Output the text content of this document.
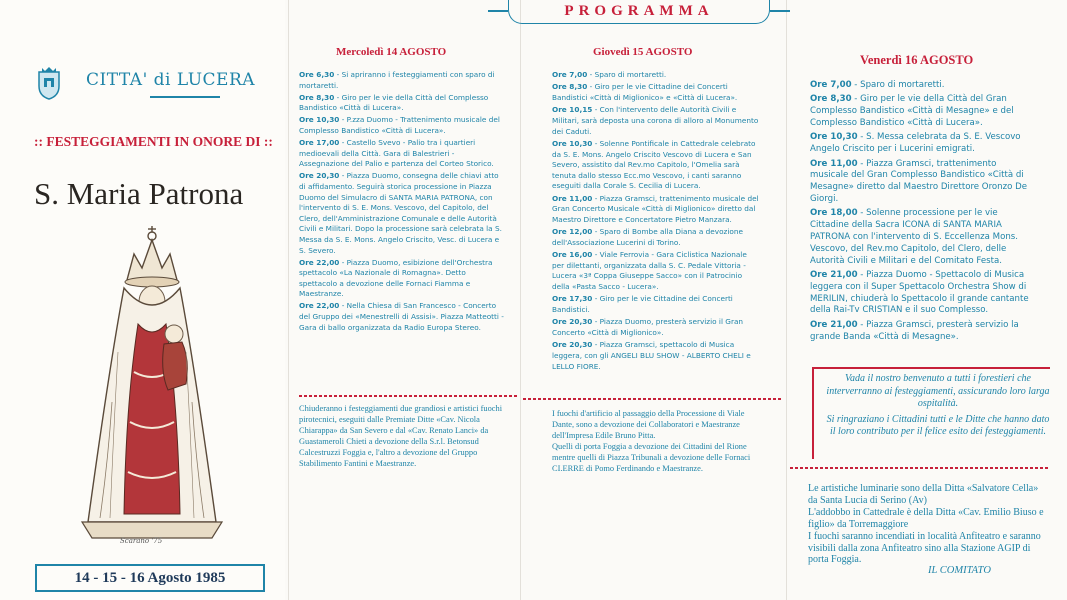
CITTA' di LUCERA
:: FESTEGGIAMENTI IN ONORE DI ::
S. Maria Patrona
Scarano '75
14 - 15 - 16 Agosto 1985
PROGRAMMA
Mercoledì 14 AGOSTO	Giovedì 15 AGOSTO
Venerdì 16 AGOSTO
Ore 6,30 - Si apriranno i festeggiamenti con sparo di mortaretti.
Ore 8,30 - Giro per le vie della Città del Complesso Bandistico «Città di Lucera».
Ore 10,30 - P.zza Duomo - Trattenimento musicale del Complesso Bandistico «Città di Lucera».
Ore 17,00 - Castello Svevo - Palio tra i quartieri medioevali della Città. Gara di Balestrieri - Assegnazione del Palio e partenza del Corteo Storico.
Ore 20,30 - Piazza Duomo, consegna delle chiavi atto di affidamento. Seguirà storica processione in Piazza Duomo del Simulacro di SANTA MARIA PATRONA, con l'intervento di S. E. Mons. Vescovo, del Capitolo, del Clero, dell'Amministrazione Comunale e delle Autorità Civili e Militari. Dopo la processione sarà celebrata la S. Messa da S. E. Mons. Angelo Criscito, Vesc. di Lucera e S. Severo.
Ore 22,00 - Piazza Duomo, esibizione dell'Orchestra spettacolo «La Nazionale di Romagna». Detto spettacolo a devozione delle Fornaci Fiamma e Maestranze.
Ore 22,00 - Nella Chiesa di San Francesco - Concerto del Gruppo dei «Menestrelli di Assisi». Piazza Matteotti - Gara di ballo organizzata da Radio Europa Stereo.
Ore 7,00 - Sparo di mortaretti.
Ore 8,30 - Giro per le vie Cittadine dei Concerti Bandistici «Città di Miglionico» e «Città di Lucera».
Ore 10,15 - Con l'intervento delle Autorità Civili e Militari, sarà deposta una corona di alloro al Monumento dei Caduti.
Ore 10,30 - Solenne Pontificale in Cattedrale celebrato da S. E. Mons. Angelo Criscito Vescovo di Lucera e San Severo, assistito dal Rev.mo Capitolo, l'Omelia sarà tenuta dallo stesso Ecc.mo Vescovo, i canti saranno eseguiti dalla Corale S. Cecilia di Lucera.
Ore 11,00 - Piazza Gramsci, trattenimento musicale del Gran Concerto Musicale «Città di Miglionico» diretto dal Maestro Direttore e Concertatore Pietro Manzara.
Ore 12,00 - Sparo di Bombe alla Diana a devozione dell'Associazione Lucerini di Torino.
Ore 16,00 - Viale Ferrovia - Gara Ciclistica Nazionale per dilettanti, organizzata dalla S. C. Pedale Vittoria - Lucera «3ª Coppa Giuseppe Sacco» con il Patrocinio della «Pasta Sacco - Lucera».
Ore 17,30 - Giro per le vie Cittadine dei Concerti Bandistici.
Ore 20,30 - Piazza Duomo, presterà servizio il Gran Concerto «Città di Miglionico».
Ore 20,30 - Piazza Gramsci, spettacolo di Musica leggera, con gli ANGELI BLU SHOW - ALBERTO CHELI e LELLO FIORE.
Ore 7,00 - Sparo di mortaretti.
Ore 8,30 - Giro per le vie della Città del Gran Complesso Bandistico «Città di Mesagne» e del Complesso Bandistico «Città di Lucera».
Ore 10,30 - S. Messa celebrata da S. E. Vescovo Angelo Criscito per i Lucerini emigrati.
Ore 11,00 - Piazza Gramsci, trattenimento musicale del Gran Complesso Bandistico «Città di Mesagne» diretto dal Maestro Direttore Oronzo De Giorgi.
Ore 18,00 - Solenne processione per le vie Cittadine della Sacra ICONA di SANTA MARIA PATRONA con l'intervento di S. Eccellenza Mons. Vescovo, del Rev.mo Capitolo, del Clero, delle Autorità Civili e Militari e del Comitato Festa.
Ore 21,00 - Piazza Duomo - Spettacolo di Musica leggera con il Super Spettacolo Orchestra Show di MERILIN, chiuderà lo Spettacolo il grande cantante della Rai-Tv CRISTIAN e il suo Complesso.
Ore 21,00 - Piazza Gramsci, presterà servizio la grande Banda «Città di Mesagne».
Chiuderanno i festeggiamenti due grandiosi e artistici fuochi pirotecnici, eseguiti dalle Premiate Ditte «Cav. Nicola Chiarappa» da San Severo e dal «Cav. Renato Lanci» da Guastameroli Chieti a devozione della S.r.l. Betonsud Calcestruzzi Foggia e, l'altro a devozione del Gruppo Stabilimento Fantini e Maestranze.
I fuochi d'artificio al passaggio della Processione di Viale Dante, sono a devozione dei Collaboratori e Maestranze dell'Impresa Edile Bruno Pitta.
Quelli di porta Foggia a devozione dei Cittadini del Rione mentre quelli di Piazza Tribunali a devozione delle Fornaci CI.ERRE di Pomo Ferdinando e Maestranze.

Vada il nostro benvenuto a tutti i forestieri che interverranno ai festeggiamenti, assicurando loro larga ospitalità.

Si ringraziano i Cittadini tutti e le Ditte che hanno dato il loro contributo per il felice esito dei festeggiamenti.

Le artistiche luminarie sono della Ditta «Salvatore Cella» da Santa Lucia di Serino (Av)
L'addobbo in Cattedrale è della Ditta «Cav. Emilio Biuso e figlio» da Torremaggiore
I fuochi saranno incendiati in località Anfiteatro e saranno visibili dalla zona Anfiteatro sino alla Stazione AGIP di porta Foggia.
IL COMITATO
